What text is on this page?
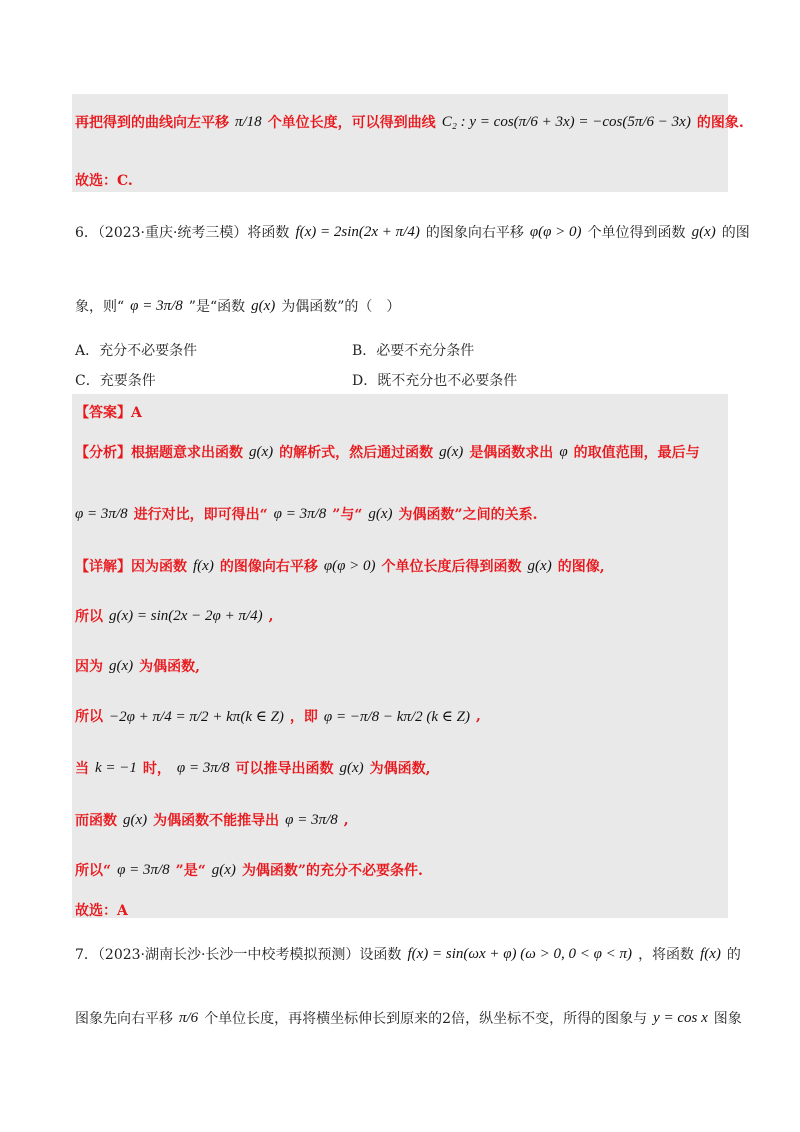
再把得到的曲线向左平移 π/18 个单位长度，可以得到曲线 C₂ : y = cos(π/6 + 3x) = −cos(5π/6 − 3x) 的图象.
故选：C.
6．（2023·重庆·统考三模）将函数 f(x) = 2sin(2x + π/4) 的图象向右平移 φ(φ > 0) 个单位得到函数 g(x) 的图
象，则“ φ = 3π/8 ”是“函数 g(x) 为偶函数”的（　）
A．充分不必要条件	B．必要不充分条件
C．充要条件	D．既不充分也不必要条件
【答案】A
【分析】根据题意求出函数 g(x) 的解析式，然后通过函数 g(x) 是偶函数求出 φ 的取值范围，最后与
φ = 3π/8 进行对比，即可得出“ φ = 3π/8 ”与“ g(x) 为偶函数”之间的关系.
【详解】因为函数 f(x) 的图像向右平移 φ(φ > 0) 个单位长度后得到函数 g(x) 的图像,
所以 g(x) = sin(2x − 2φ + π/4) ,
因为 g(x) 为偶函数,
所以 −2φ + π/4 = π/2 + kπ(k ∈ Z) ，即 φ = −π/8 − kπ/2 (k ∈ Z) ,
当 k = −1 时， φ = 3π/8 可以推导出函数 g(x) 为偶函数,
而函数 g(x) 为偶函数不能推导出 φ = 3π/8 ,
所以“ φ = 3π/8 ”是“ g(x) 为偶函数”的充分不必要条件.
故选：A
7．（2023·湖南长沙·长沙一中校考模拟预测）设函数 f(x) = sin(ωx + φ) (ω > 0, 0 < φ < π) ，将函数 f(x) 的
图象先向右平移 π/6 个单位长度，再将横坐标伸长到原来的2倍，纵坐标不变，所得的图象与 y = cos x 图象
